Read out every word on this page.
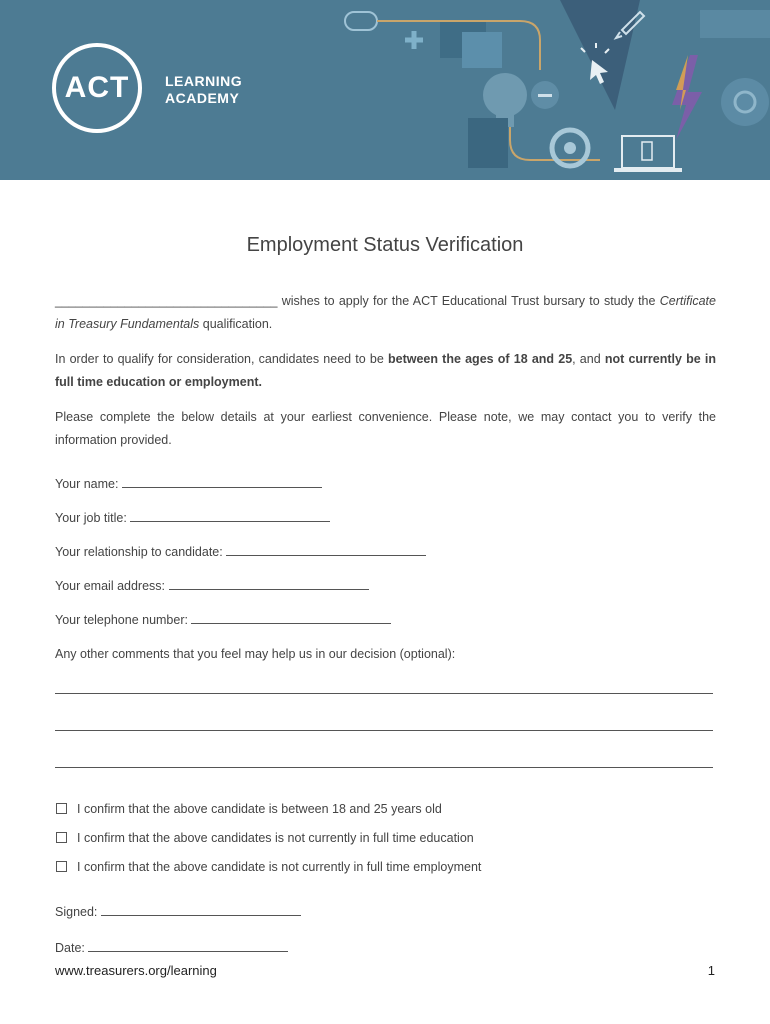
ACT	LEARNING
ACADEMY
Employment Status Verification
________________________________ wishes to apply for the ACT Educational Trust bursary to study the Certificate in Treasury Fundamentals qualification.
In order to qualify for consideration, candidates need to be between the ages of 18 and 25, and not currently be in full time education or employment.
Please complete the below details at your earliest convenience. Please note, we may contact you to verify the information provided.
Your name:
Your job title:
Your relationship to candidate:
Your email address:
Your telephone number:
Any other comments that you feel may help us in our decision (optional):
I confirm that the above candidate is between 18 and 25 years old
I confirm that the above candidates is not currently in full time education
I confirm that the above candidate is not currently in full time employment
Signed:
Date:
www.treasurers.org/learning	1
